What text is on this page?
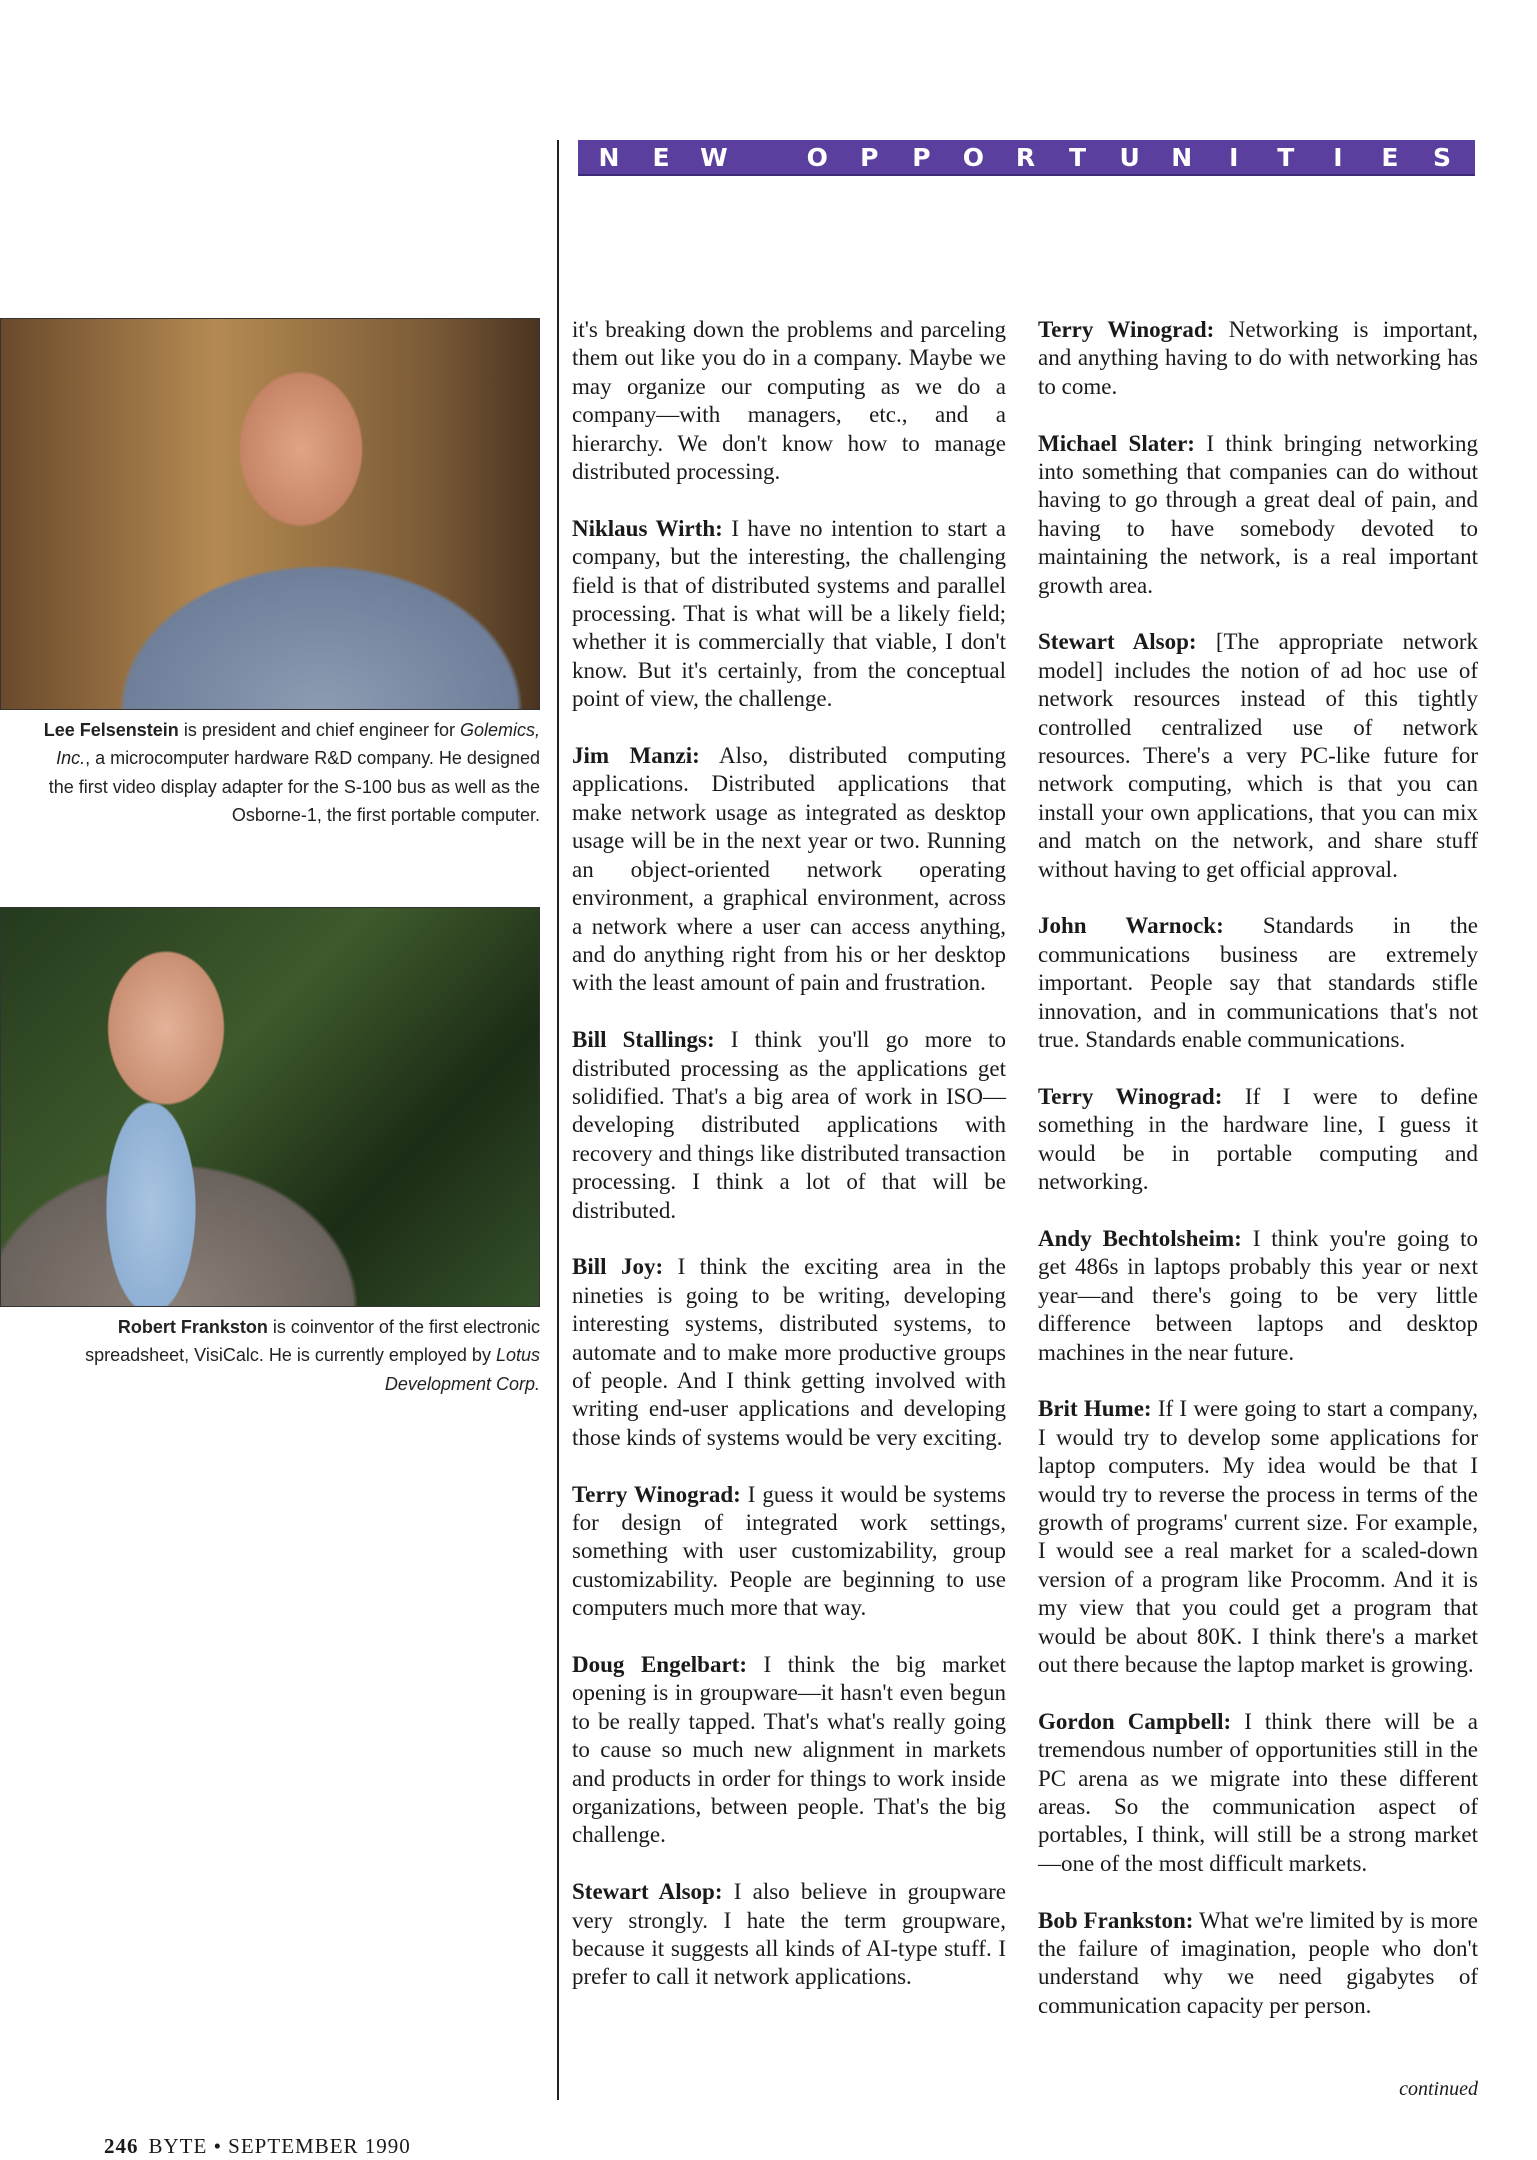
N E W	O P P O R T U N	I	T	I	E S
Lee Felsenstein is president and chief engineer for Golemics, Inc., a microcomputer hardware R&D company. He designed the first video display adapter for the S-100 bus as well as the Osborne-1, the first portable computer.
Robert Frankston is coinventor of the first electronic spreadsheet, VisiCalc. He is currently employed by Lotus Development Corp.

it's breaking down the problems and parceling them out like you do in a company. Maybe we may organize our computing as we do a company—with managers, etc., and a hierarchy. We don't know how to manage distributed processing.

Niklaus Wirth: I have no intention to start a company, but the interesting, the challenging field is that of distributed systems and parallel processing. That is what will be a likely field; whether it is commercially that viable, I don't know. But it's certainly, from the conceptual point of view, the challenge.

Jim Manzi: Also, distributed computing applications. Distributed applications that make network usage as integrated as desktop usage will be in the next year or two. Running an object-oriented network operating environment, a graphical environment, across a network where a user can access anything, and do anything right from his or her desktop with the least amount of pain and frustration.

Bill Stallings: I think you'll go more to distributed processing as the applications get solidified. That's a big area of work in ISO—developing distributed applications with recovery and things like distributed transaction processing. I think a lot of that will be distributed.

Bill Joy: I think the exciting area in the nineties is going to be writing, developing interesting systems, distributed systems, to automate and to make more productive groups of people. And I think getting involved with writing end-user applications and developing those kinds of systems would be very exciting.

Terry Winograd: I guess it would be systems for design of integrated work settings, something with user customizability, group customizability. People are beginning to use computers much more that way.

Doug Engelbart: I think the big market opening is in groupware—it hasn't even begun to be really tapped. That's what's really going to cause so much new alignment in markets and products in order for things to work inside organizations, between people. That's the big challenge.

Stewart Alsop: I also believe in groupware very strongly. I hate the term groupware, because it suggests all kinds of AI-type stuff. I prefer to call it network applications.

Terry Winograd: Networking is important, and anything having to do with networking has to come.

Michael Slater: I think bringing networking into something that companies can do without having to go through a great deal of pain, and having to have somebody devoted to maintaining the network, is a real important growth area.

Stewart Alsop: [The appropriate network model] includes the notion of ad hoc use of network resources instead of this tightly controlled centralized use of network resources. There's a very PC-like future for network computing, which is that you can install your own applications, that you can mix and match on the network, and share stuff without having to get official approval.

John Warnock: Standards in the communications business are extremely important. People say that standards stifle innovation, and in communications that's not true. Standards enable communications.

Terry Winograd: If I were to define something in the hardware line, I guess it would be in portable computing and networking.

Andy Bechtolsheim: I think you're going to get 486s in laptops probably this year or next year—and there's going to be very little difference between laptops and desktop machines in the near future.

Brit Hume: If I were going to start a company, I would try to develop some applications for laptop computers. My idea would be that I would try to reverse the process in terms of the growth of programs' current size. For example, I would see a real market for a scaled-down version of a program like Procomm. And it is my view that you could get a program that would be about 80K. I think there's a market out there because the laptop market is growing.

Gordon Campbell: I think there will be a tremendous number of opportunities still in the PC arena as we migrate into these different areas. So the communication aspect of portables, I think, will still be a strong market—one of the most difficult markets.

Bob Frankston: What we're limited by is more the failure of imagination, people who don't understand why we need gigabytes of communication capacity per person.

continued
246 BYTE • SEPTEMBER 1990
